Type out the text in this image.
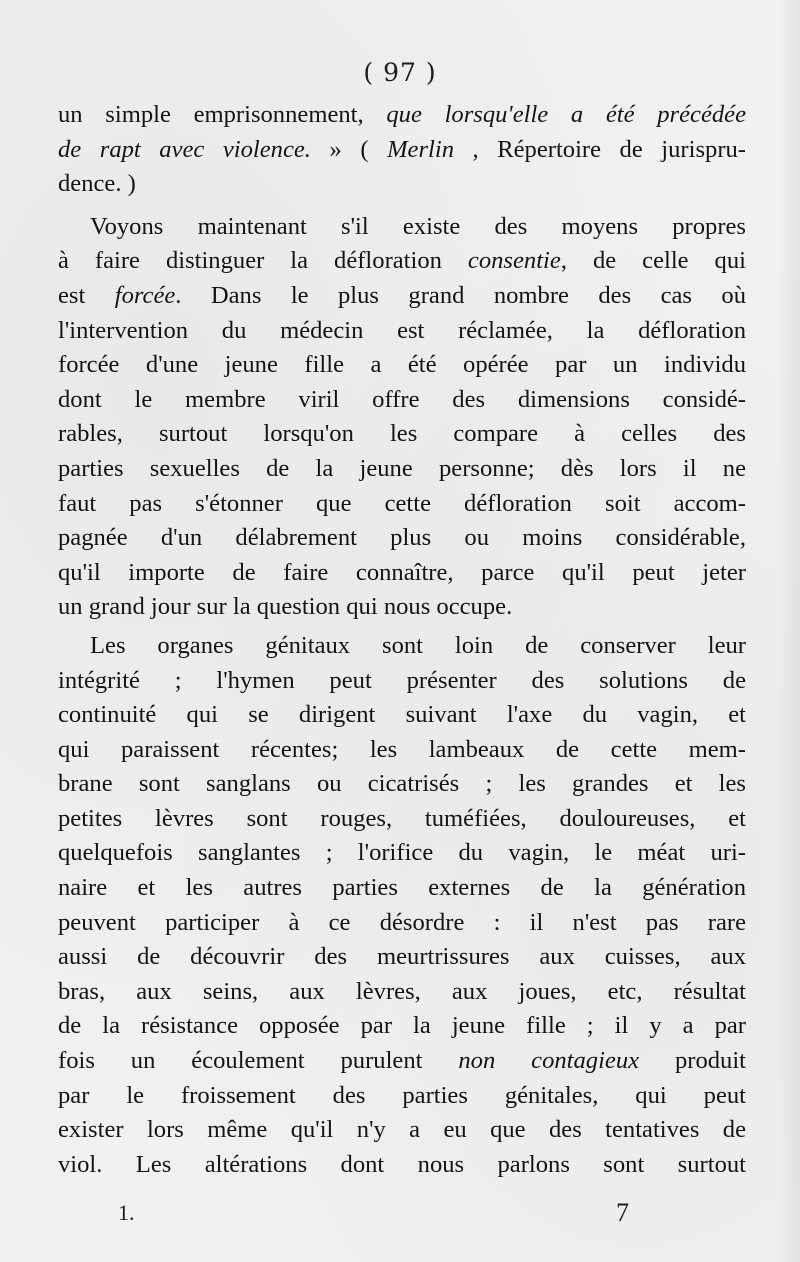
( 97 )
un simple emprisonnement, que lorsqu'elle a été précédée
de rapt avec violence. » ( Merlin , Répertoire de jurispru-
dence. )
Voyons maintenant s'il existe des moyens propres
à faire distinguer la défloration consentie, de celle qui
est forcée. Dans le plus grand nombre des cas où
l'intervention du médecin est réclamée, la défloration
forcée d'une jeune fille a été opérée par un individu
dont le membre viril offre des dimensions considé-
rables, surtout lorsqu'on les compare à celles des
parties sexuelles de la jeune personne; dès lors il ne
faut pas s'étonner que cette défloration soit accom-
pagnée d'un délabrement plus ou moins considérable,
qu'il importe de faire connaître, parce qu'il peut jeter
un grand jour sur la question qui nous occupe.
Les organes génitaux sont loin de conserver leur
intégrité ; l'hymen peut présenter des solutions de
continuité qui se dirigent suivant l'axe du vagin, et
qui paraissent récentes; les lambeaux de cette mem-
brane sont sanglans ou cicatrisés ; les grandes et les
petites lèvres sont rouges, tuméfiées, douloureuses, et
quelquefois sanglantes ; l'orifice du vagin, le méat uri-
naire et les autres parties externes de la génération
peuvent participer à ce désordre : il n'est pas rare
aussi de découvrir des meurtrissures aux cuisses, aux
bras, aux seins, aux lèvres, aux joues, etc, résultat
de la résistance opposée par la jeune fille ; il y a par
fois un écoulement purulent non contagieux produit
par le froissement des parties génitales, qui peut
exister lors même qu'il n'y a eu que des tentatives de
viol. Les altérations dont nous parlons sont surtout
1.	7
